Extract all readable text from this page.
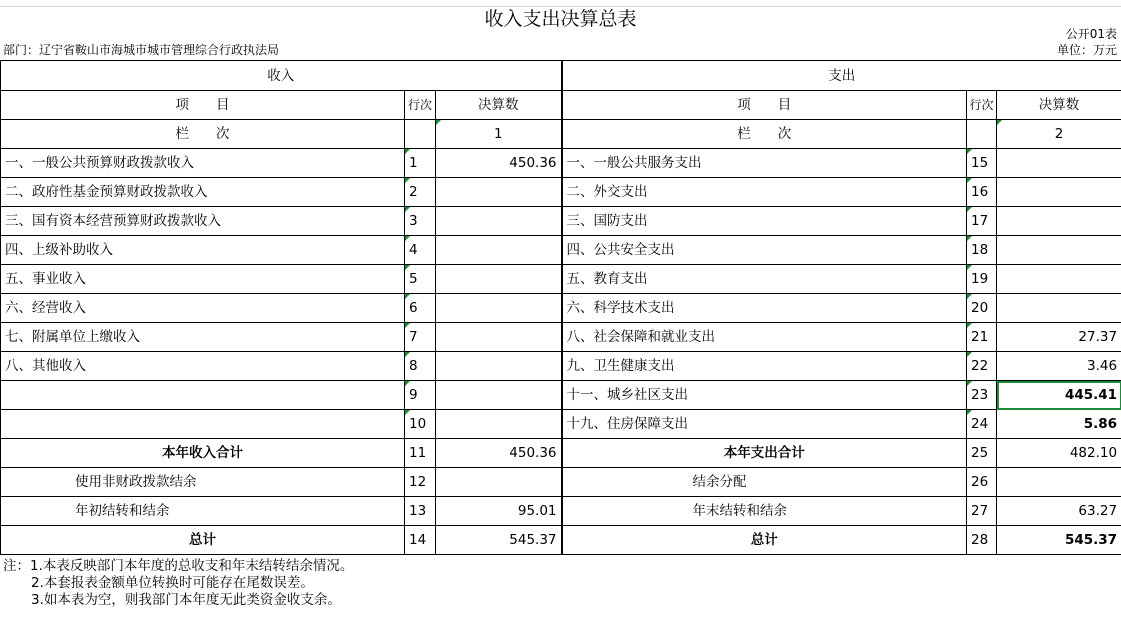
收入支出决算总表
公开01表
部门：辽宁省鞍山市海城市城市管理综合行政执法局	单位：万元
收入			支出		
项　　目	行次	决算数	项　　目	行次	决算数
栏　　次		1	栏　　次		2
一、一般公共预算财政拨款收入	1	450.36	一、一般公共服务支出	15	
二、政府性基金预算财政拨款收入	2		二、外交支出	16	
三、国有资本经营预算财政拨款收入	3		三、国防支出	17	
四、上级补助收入	4		四、公共安全支出	18	
五、事业收入	5		五、教育支出	19	
六、经营收入	6		六、科学技术支出	20	
七、附属单位上缴收入	7		八、社会保障和就业支出	21	27.37
八、其他收入	8		九、卫生健康支出	22	3.46
	9		十一、城乡社区支出	23	445.41
	10		十九、住房保障支出	24	5.86
本年收入合计	11	450.36	本年支出合计	25	482.10
使用非财政拨款结余	12		结余分配	26	
年初结转和结余	13	95.01	年末结转和结余	27	63.27
总计	14	545.37	总计	28	545.37
注：1.本表反映部门本年度的总收支和年末结转结余情况。
2.本套报表金额单位转换时可能存在尾数误差。
3.如本表为空，则我部门本年度无此类资金收支余。
